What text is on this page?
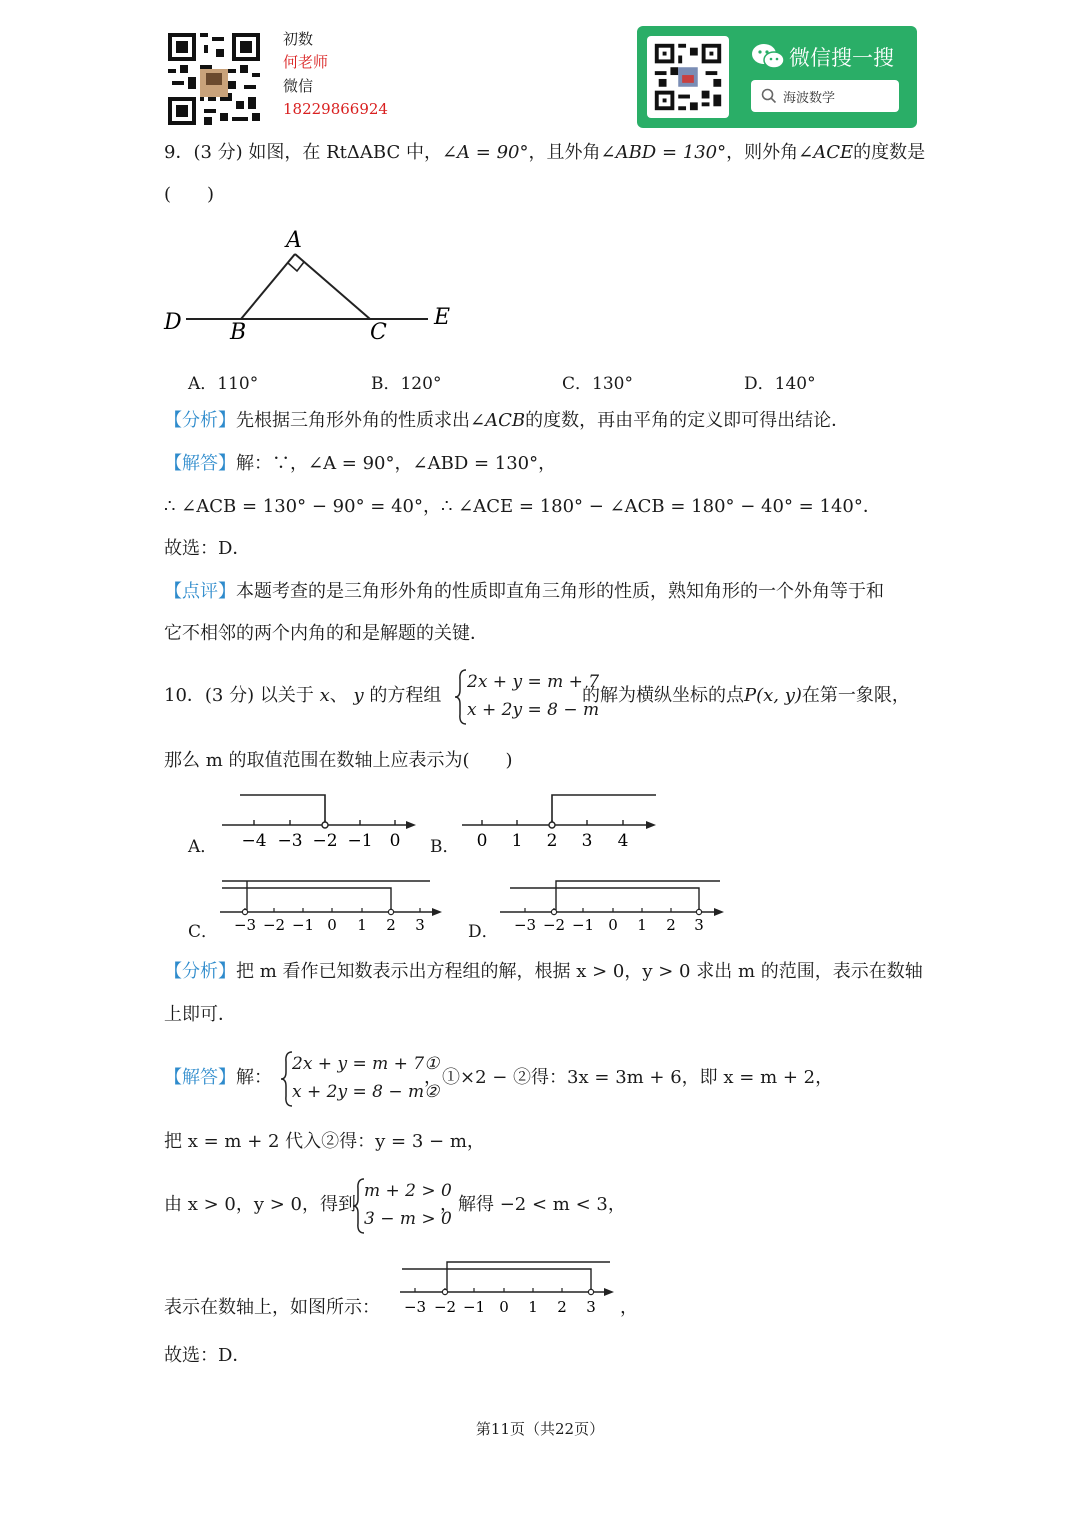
初数
何老师
微信
18229866924
微信搜一搜
海波数学
9．(3 分) 如图，在 RtΔABC 中，∠A = 90°，且外角∠ABD = 130°，则外角∠ACE的度数是
(　　)
A
D B	C
E
A．110°	B．120°	C．130°	D．140°
【分析】先根据三角形外角的性质求出∠ACB的度数，再由平角的定义即可得出结论．
【解答】解：∵，∠A = 90°，∠ABD = 130°，
∴ ∠ACB = 130° − 90° = 40°，∴ ∠ACE = 180° − ∠ACB = 180° − 40° = 140°．
故选：D．
【点评】本题考查的是三角形外角的性质即直角三角形的性质，熟知角形的一个外角等于和
它不相邻的两个内角的和是解题的关键．
10．(3 分) 以关于 x、 y 的方程组
2x + y = m + 7
x + 2y = 8 − m
的解为横纵坐标的点P(x, y)在第一象限，
那么 m 的取值范围在数轴上应表示为(　　)
A． −4 −3 −2 −1 0 B． 0 1 2 3 4
C． −3 −2 −1 0 1 2 3	D． −3 −2 −1 0 1 2 3
【分析】把 m 看作已知数表示出方程组的解，根据 x > 0，y > 0 求出 m 的范围，表示在数轴
上即可．
【解答】解：
2x + y = m + 7①
x + 2y = 8 − m②
，①×2 − ②得：3x = 3m + 6，即 x = m + 2，
把 x = m + 2 代入②得：y = 3 − m，
由 x > 0，y > 0，得到
m + 2 > 0
3 − m > 0
，解得 −2 < m < 3，
表示在数轴上，如图所示： −3 −2 −1 0 1 2 3 ，
故选：D．
第11页（共22页）
